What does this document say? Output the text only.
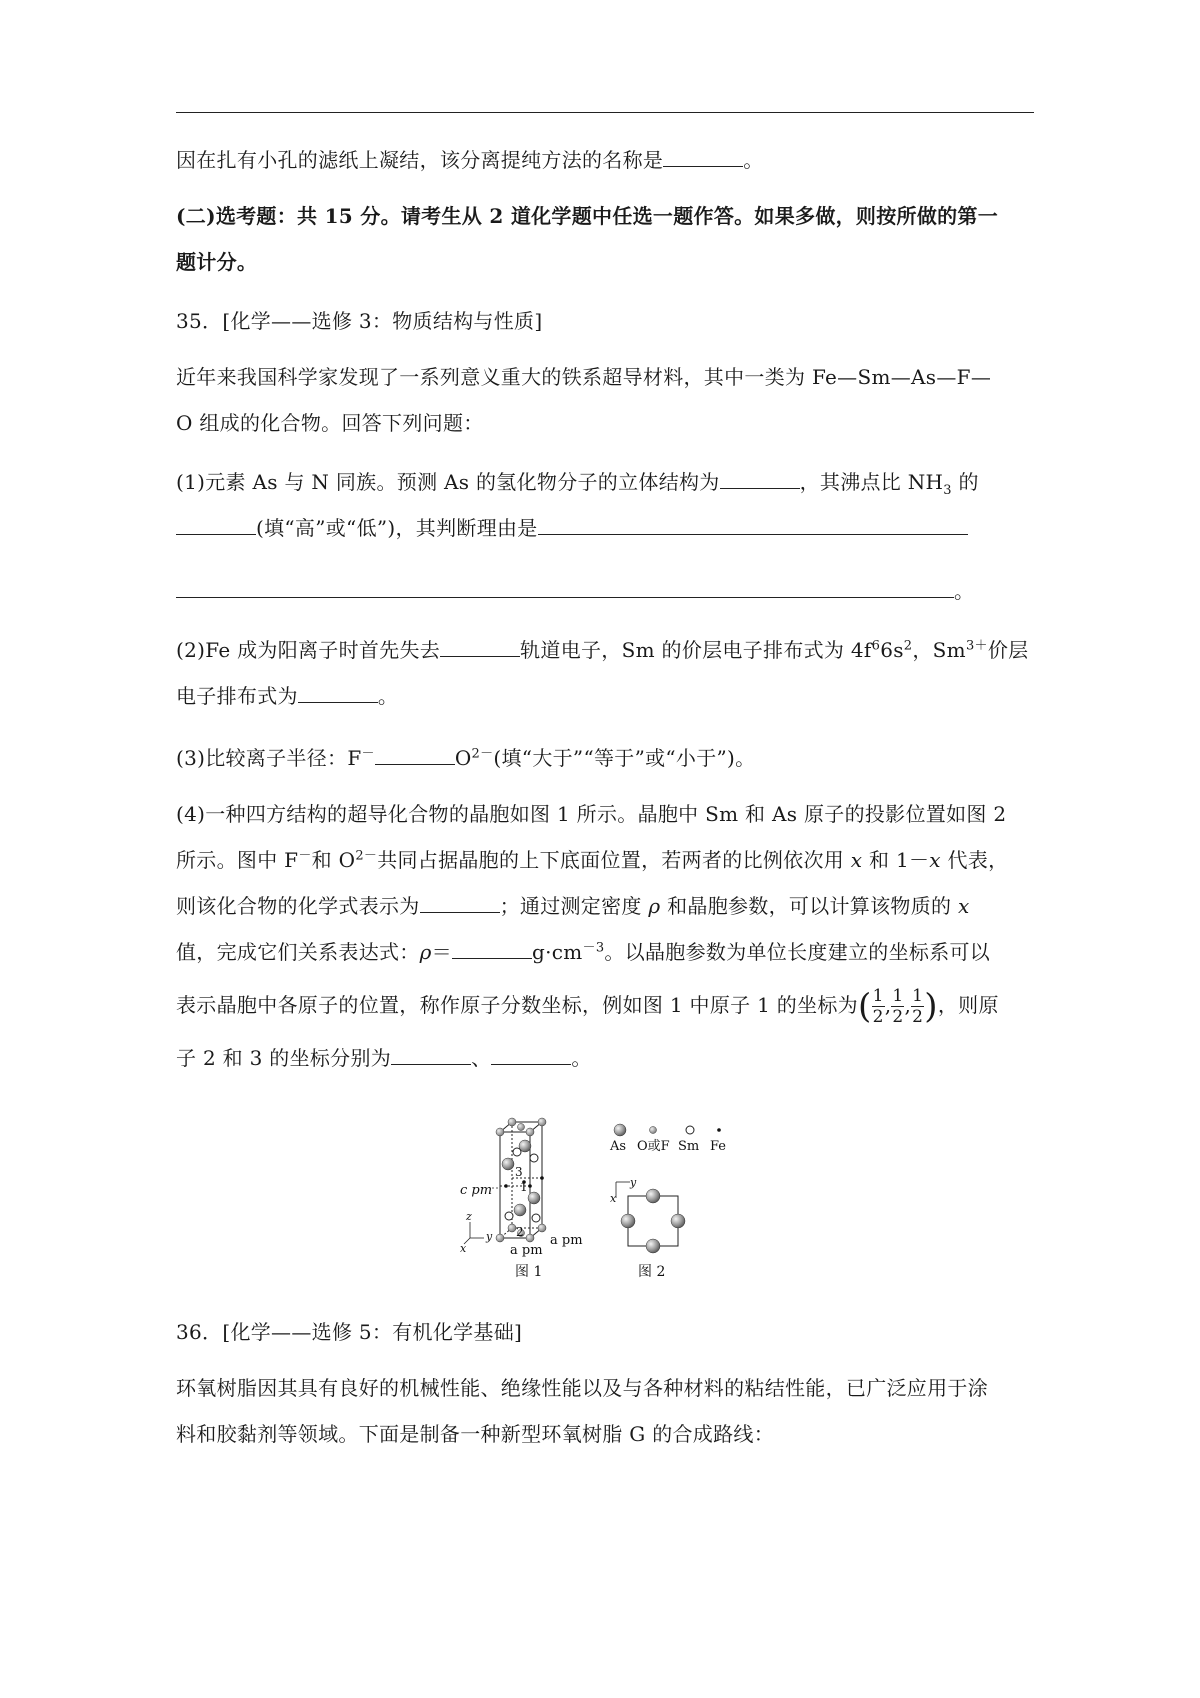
因在扎有小孔的滤纸上凝结，该分离提纯方法的名称是	。

(二)选考题：共 15 分。请考生从 2 道化学题中任选一题作答。如果多做，则按所做的第一
题计分。

35．[化学——选修 3：物质结构与性质]

近年来我国科学家发现了一系列意义重大的铁系超导材料，其中一类为 Fe—Sm—As—F—
O 组成的化合物。回答下列问题：

(1)元素 As 与 N 同族。预测 As 的氢化物分子的立体结构为	，其沸点比 $NH_3$ 的
(填“高”或“低”)，其判断理由是

。

(2)Fe 成为阳离子时首先失去	轨道电子，Sm 的价层电子排布式为 $4f^66s^2$，$Sm^{3+}$价层
电子排布式为	。

(3)比较离子半径：F－	$O^{2-}$(填“大于”“等于”或“小于”)。

(4)一种四方结构的超导化合物的晶胞如图 1 所示。晶胞中 Sm 和 As 原子的投影位置如图 2
所示。图中 F－和 $O^{2-}$共同占据晶胞的上下底面位置，若两者的比例依次用 x 和 1－x 代表，
则该化合物的化学式表示为	；通过测定密度 ρ 和晶胞参数，可以计算该物质的 x
值，完成它们关系表达式：ρ＝	$g\cdot cm^{-3}$。以晶胞参数为单位长度建立的坐标系可以

表示晶胞中各原子的位置，称作原子分数坐标，例如图 1 中原子 1 的坐标为( $\frac{1}{2}$ , $\frac{1}{2}$ , $\frac{1}{2}$ )，则原

子 2 和 3 的坐标分别为	、	。

3
1
2
c pm
a pm
a pm
z
y
x
As O或F Sm Fe
y
x
图 1	图 2

36．[化学——选修 5：有机化学基础]

环氧树脂因其具有良好的机械性能、绝缘性能以及与各种材料的粘结性能，已广泛应用于涂
料和胶黏剂等领域。下面是制备一种新型环氧树脂 G 的合成路线：
